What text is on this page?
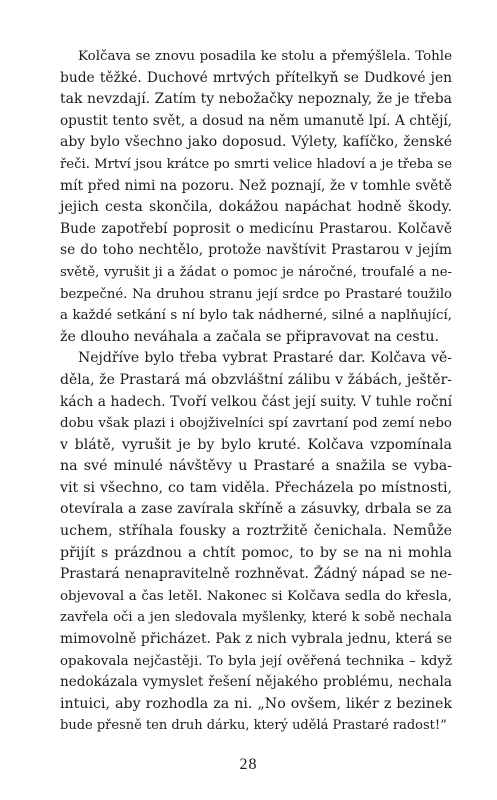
Kolčava se znovu posadila ke stolu a přemýšlela. Tohle
bude těžké. Duchové mrtvých přítelkyň se Dudkové jen
tak nevzdají. Zatím ty nebožačky nepoznaly, že je třeba
opustit tento svět, a dosud na něm umanutě lpí. A chtějí,
aby bylo všechno jako doposud. Výlety, kafíčko, ženské
řeči. Mrtví jsou krátce po smrti velice hladoví a je třeba se
mít před nimi na pozoru. Než poznají, že v tomhle světě
jejich cesta skončila, dokážou napáchat hodně škody.
Bude zapotřebí poprosit o medicínu Prastarou. Kolčavě
se do toho nechtělo, protože navštívit Prastarou v jejím
světě, vyrušit ji a žádat o pomoc je náročné, troufalé a ne-
bezpečné. Na druhou stranu její srdce po Prastaré toužilo
a každé setkání s ní bylo tak nádherné, silné a naplňující,
že dlouho neváhala a začala se připravovat na cestu.

Nejdříve bylo třeba vybrat Prastaré dar. Kolčava vě-
děla, že Prastará má obzvláštní zálibu v žábách, ještěr-
kách a hadech. Tvoří velkou část její suity. V tuhle roční
dobu však plazi i obojživelníci spí zavrtaní pod zemí nebo
v blátě, vyrušit je by bylo kruté. Kolčava vzpomínala
na své minulé návštěvy u Prastaré a snažila se vyba-
vit si všechno, co tam viděla. Přecházela po místnosti,
otevírala a zase zavírala skříně a zásuvky, drbala se za
uchem, stříhala fousky a roztržitě čenichala. Nemůže
přijít s prázdnou a chtít pomoc, to by se na ni mohla
Prastará nenapravitelně rozhněvat. Žádný nápad se ne-
objevoval a čas letěl. Nakonec si Kolčava sedla do křesla,
zavřela oči a jen sledovala myšlenky, které k sobě nechala
mimovolně přicházet. Pak z nich vybrala jednu, která se
opakovala nejčastěji. To byla její ověřená technika – když
nedokázala vymyslet řešení nějakého problému, nechala
intuici, aby rozhodla za ni. „No ovšem, likér z bezinek
bude přesně ten druh dárku, který udělá Prastaré radost!“

28
